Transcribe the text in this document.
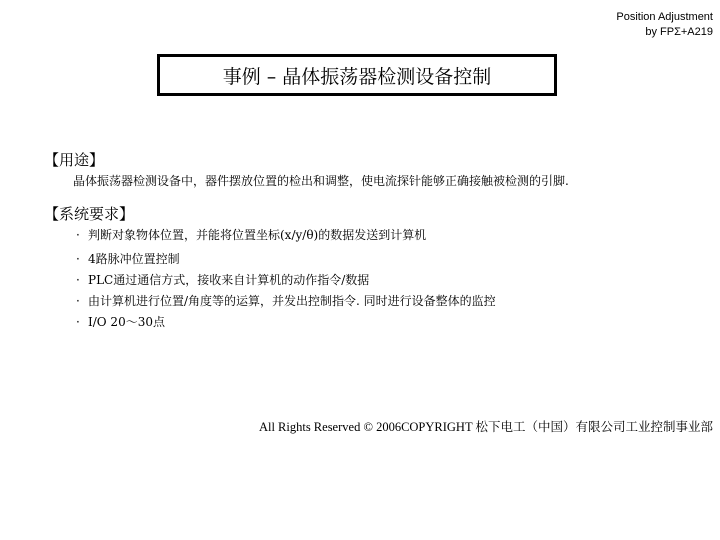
Position Adjustment
by FPΣ+A219
事例 – 晶体振荡器检测设备控制
【用途】
晶体振荡器检测设备中，器件摆放位置的检出和调整，使电流探针能够正确接触被检测的引脚.
【系统要求】
· 判断对象物体位置，并能将位置坐标(x/y/θ)的数据发送到计算机
· 4路脉冲位置控制
· PLC通过通信方式，接收来自计算机的动作指令/数据
· 由计算机进行位置/角度等的运算，并发出控制指令. 同时进行设备整体的监控
· I/O 20～30点
All Rights Reserved © 2006COPYRIGHT 松下电工（中国）有限公司工业控制事业部
